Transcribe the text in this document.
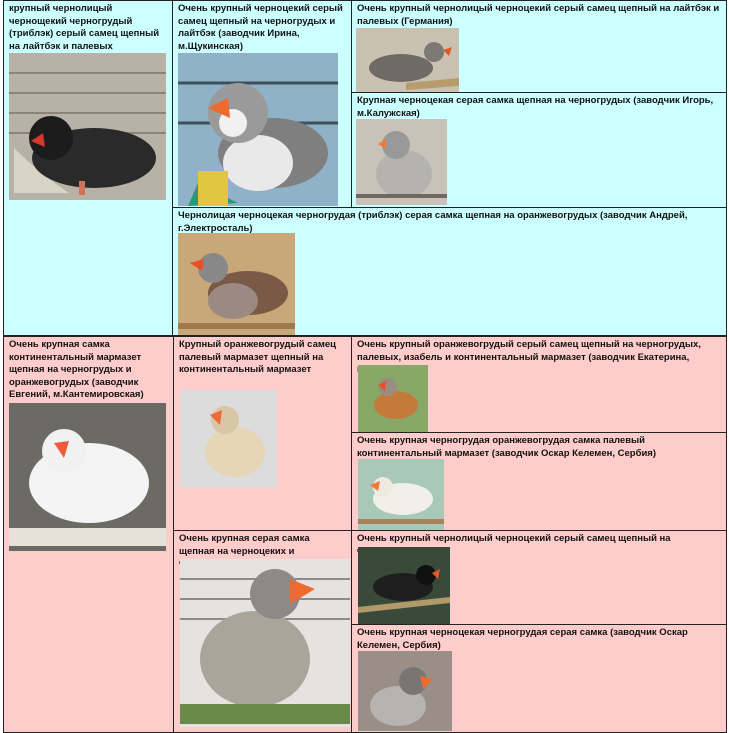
крупный чернолицый чернощекий черногрудый (триблэк) серый самец щепный на лайтбэк и палевых
Очень крупный черноцекий серый самец щепный на черногрудых и лайтбэк (заводчик Ирина, м.Щукинская)
Очень крупный чернолицый черноцекий серый самец щепный на лайтбэк и палевых (Германия)
Крупная черноцекая серая самка щепная на черногрудых (заводчик Игорь, м.Калужская)
Чернолицая черноцекая черногрудая (триблэк) серая самка щепная на оранжевогрудых (заводчик Андрей, г.Электросталь)
Очень крупная самка континентальный мармазет щепная на черногрудых и оранжевогрудых (заводчик Евгений, м.Кантемировская)
Крупный оранжевогрудый самец палевый мармазет щепный на континентальный мармазет
Очень крупный оранжевогрудый серый самец щепный на черногрудых, палевых, изабель и континентальный мармазет (заводчик Екатерина,
Очень крупная черногрудая оранжевогрудая самка палевый континентальный мармазет (заводчик Оскар Келемен, Сербия)
Очень крупная серая самка щепная на черноцеких и
Очень крупный чернолицый черноцекий серый самец щепный на
Очень крупная черноцекая черногрудая серая самка (заводчик Оскар Келемен, Сербия)
